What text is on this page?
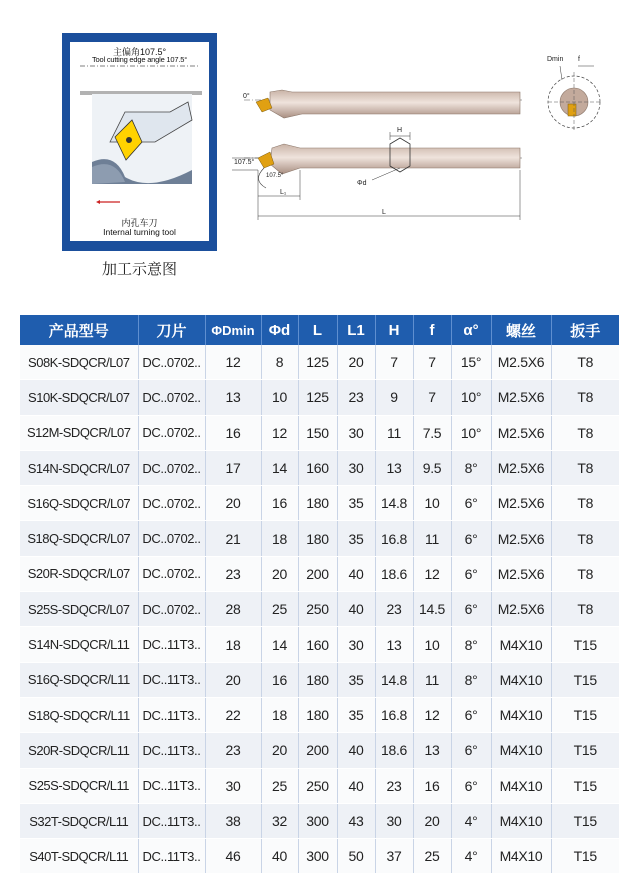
主偏角107.5°
Tool cutting edge angle 107.5°
内孔车刀
Internal turning tool
加工示意图
0°
107.5°
107.5°
H
Φd
L₁
L
Dmin f
产品型号	刀片	ΦDmin	Φd	L	L1	H	f	α°	螺丝	扳手
S08K-SDQCR/L07	DC..0702..	12	8	125	20	7	7	15°	M2.5X6	T8
S10K-SDQCR/L07	DC..0702..	13	10	125	23	9	7	10°	M2.5X6	T8
S12M-SDQCR/L07	DC..0702..	16	12	150	30	11	7.5	10°	M2.5X6	T8
S14N-SDQCR/L07	DC..0702..	17	14	160	30	13	9.5	8°	M2.5X6	T8
S16Q-SDQCR/L07	DC..0702..	20	16	180	35	14.8	10	6°	M2.5X6	T8
S18Q-SDQCR/L07	DC..0702..	21	18	180	35	16.8	11	6°	M2.5X6	T8
S20R-SDQCR/L07	DC..0702..	23	20	200	40	18.6	12	6°	M2.5X6	T8
S25S-SDQCR/L07	DC..0702..	28	25	250	40	23	14.5	6°	M2.5X6	T8
S14N-SDQCR/L11	DC..11T3..	18	14	160	30	13	10	8°	M4X10	T15
S16Q-SDQCR/L11	DC..11T3..	20	16	180	35	14.8	11	8°	M4X10	T15
S18Q-SDQCR/L11	DC..11T3..	22	18	180	35	16.8	12	6°	M4X10	T15
S20R-SDQCR/L11	DC..11T3..	23	20	200	40	18.6	13	6°	M4X10	T15
S25S-SDQCR/L11	DC..11T3..	30	25	250	40	23	16	6°	M4X10	T15
S32T-SDQCR/L11	DC..11T3..	38	32	300	43	30	20	4°	M4X10	T15
S40T-SDQCR/L11	DC..11T3..	46	40	300	50	37	25	4°	M4X10	T15
